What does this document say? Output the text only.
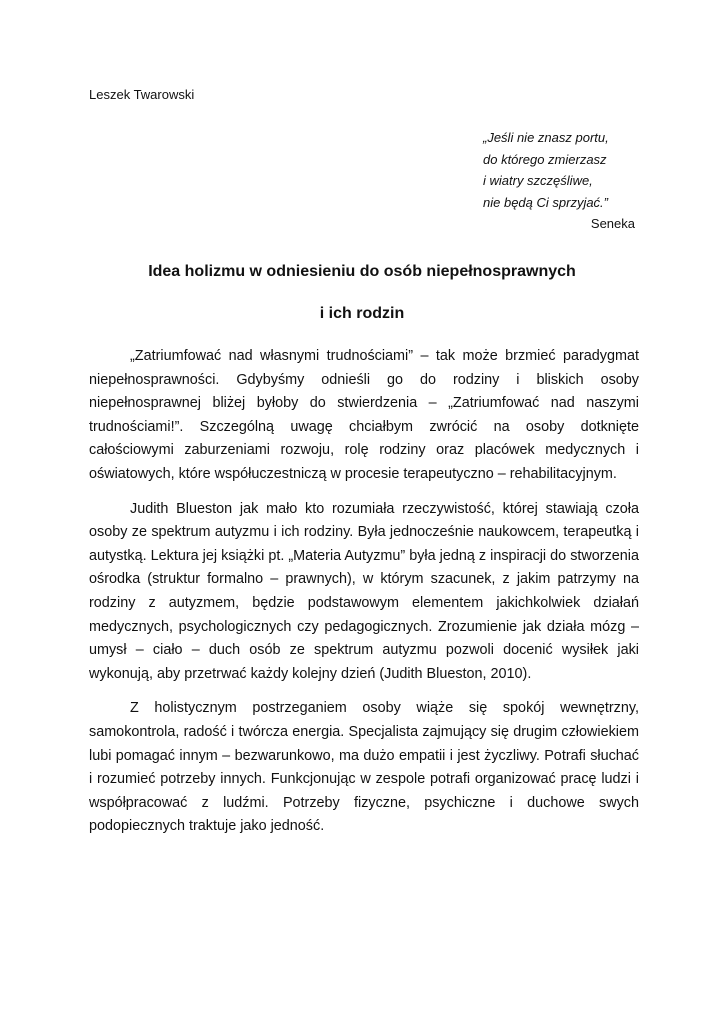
Leszek Twarowski

„Jeśli nie znasz portu,
do którego zmierzasz
i wiatry szczęśliwe,
nie będą Ci sprzyjać.”
Seneka
Idea holizmu w odniesieniu do osób niepełnosprawnych
i ich rodzin

„Zatriumfować nad własnymi trudnościami” – tak może brzmieć paradygmat niepełnosprawności. Gdybyśmy odnieśli go do rodziny i bliskich osoby niepełnosprawnej bliżej byłoby do stwierdzenia – „Zatriumfować nad naszymi trudnościami!”. Szczególną uwagę chciałbym zwrócić na osoby dotknięte całościowymi zaburzeniami rozwoju, rolę rodziny oraz placówek medycznych i oświatowych, które współuczestniczą w procesie terapeutyczno – rehabilitacyjnym.

Judith Blueston jak mało kto rozumiała rzeczywistość, której stawiają czoła osoby ze spektrum autyzmu i ich rodziny. Była jednocześnie naukowcem, terapeutką i autystką. Lektura jej książki pt. „Materia Autyzmu” była jedną z inspiracji do stworzenia ośrodka (struktur formalno – prawnych), w którym szacunek, z jakim patrzymy na rodziny z autyzmem, będzie podstawowym elementem jakichkolwiek działań medycznych, psychologicznych czy pedagogicznych. Zrozumienie jak działa mózg – umysł – ciało – duch osób ze spektrum autyzmu pozwoli docenić wysiłek jaki wykonują, aby przetrwać każdy kolejny dzień (Judith Blueston, 2010).

Z holistycznym postrzeganiem osoby wiąże się spokój wewnętrzny, samokontrola, radość i twórcza energia. Specjalista zajmujący się drugim człowiekiem lubi pomagać innym – bezwarunkowo, ma dużo empatii i jest życzliwy. Potrafi słuchać i rozumieć potrzeby innych. Funkcjonując w zespole potrafi organizować pracę ludzi i współpracować z ludźmi. Potrzeby fizyczne, psychiczne i duchowe swych podopiecznych traktuje jako jedność.
